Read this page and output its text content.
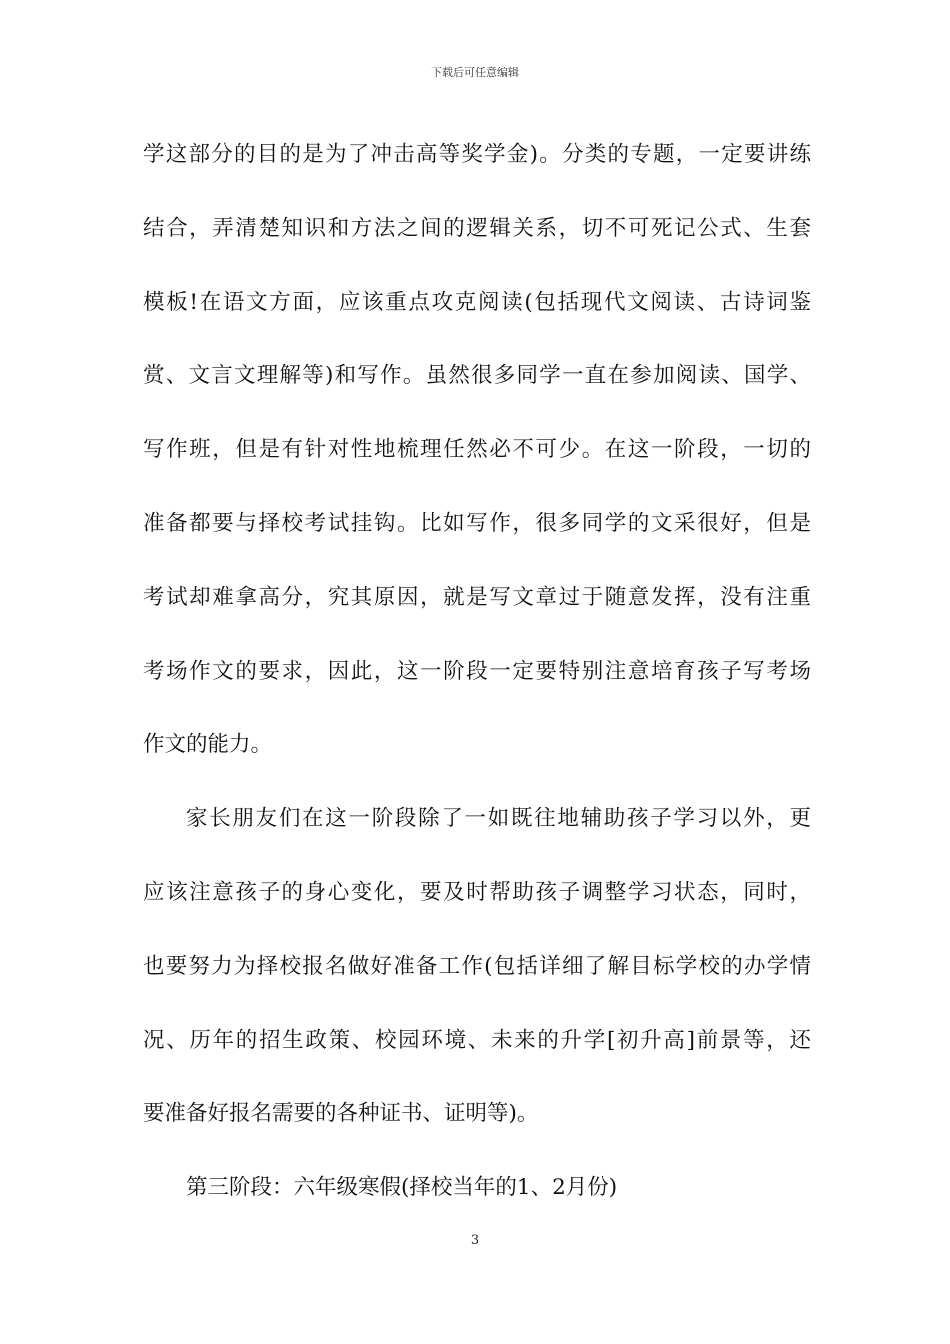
下载后可任意编辑
学这部分的目的是为了冲击高等奖学金)。分类的专题，一定要讲练
结合，弄清楚知识和方法之间的逻辑关系，切不可死记公式、生套
模板!在语文方面，应该重点攻克阅读(包括现代文阅读、古诗词鉴
赏、文言文理解等)和写作。虽然很多同学一直在参加阅读、国学、
写作班，但是有针对性地梳理任然必不可少。在这一阶段，一切的
准备都要与择校考试挂钩。比如写作，很多同学的文采很好，但是
考试却难拿高分，究其原因，就是写文章过于随意发挥，没有注重
考场作文的要求，因此，这一阶段一定要特别注意培育孩子写考场
作文的能力。
家长朋友们在这一阶段除了一如既往地辅助孩子学习以外，更
应该注意孩子的身心变化，要及时帮助孩子调整学习状态，同时，
也要努力为择校报名做好准备工作(包括详细了解目标学校的办学情
况、历年的招生政策、校园环境、未来的升学[初升高]前景等，还
要准备好报名需要的各种证书、证明等)。
第三阶段：六年级寒假(择校当年的1、2月份)
3
